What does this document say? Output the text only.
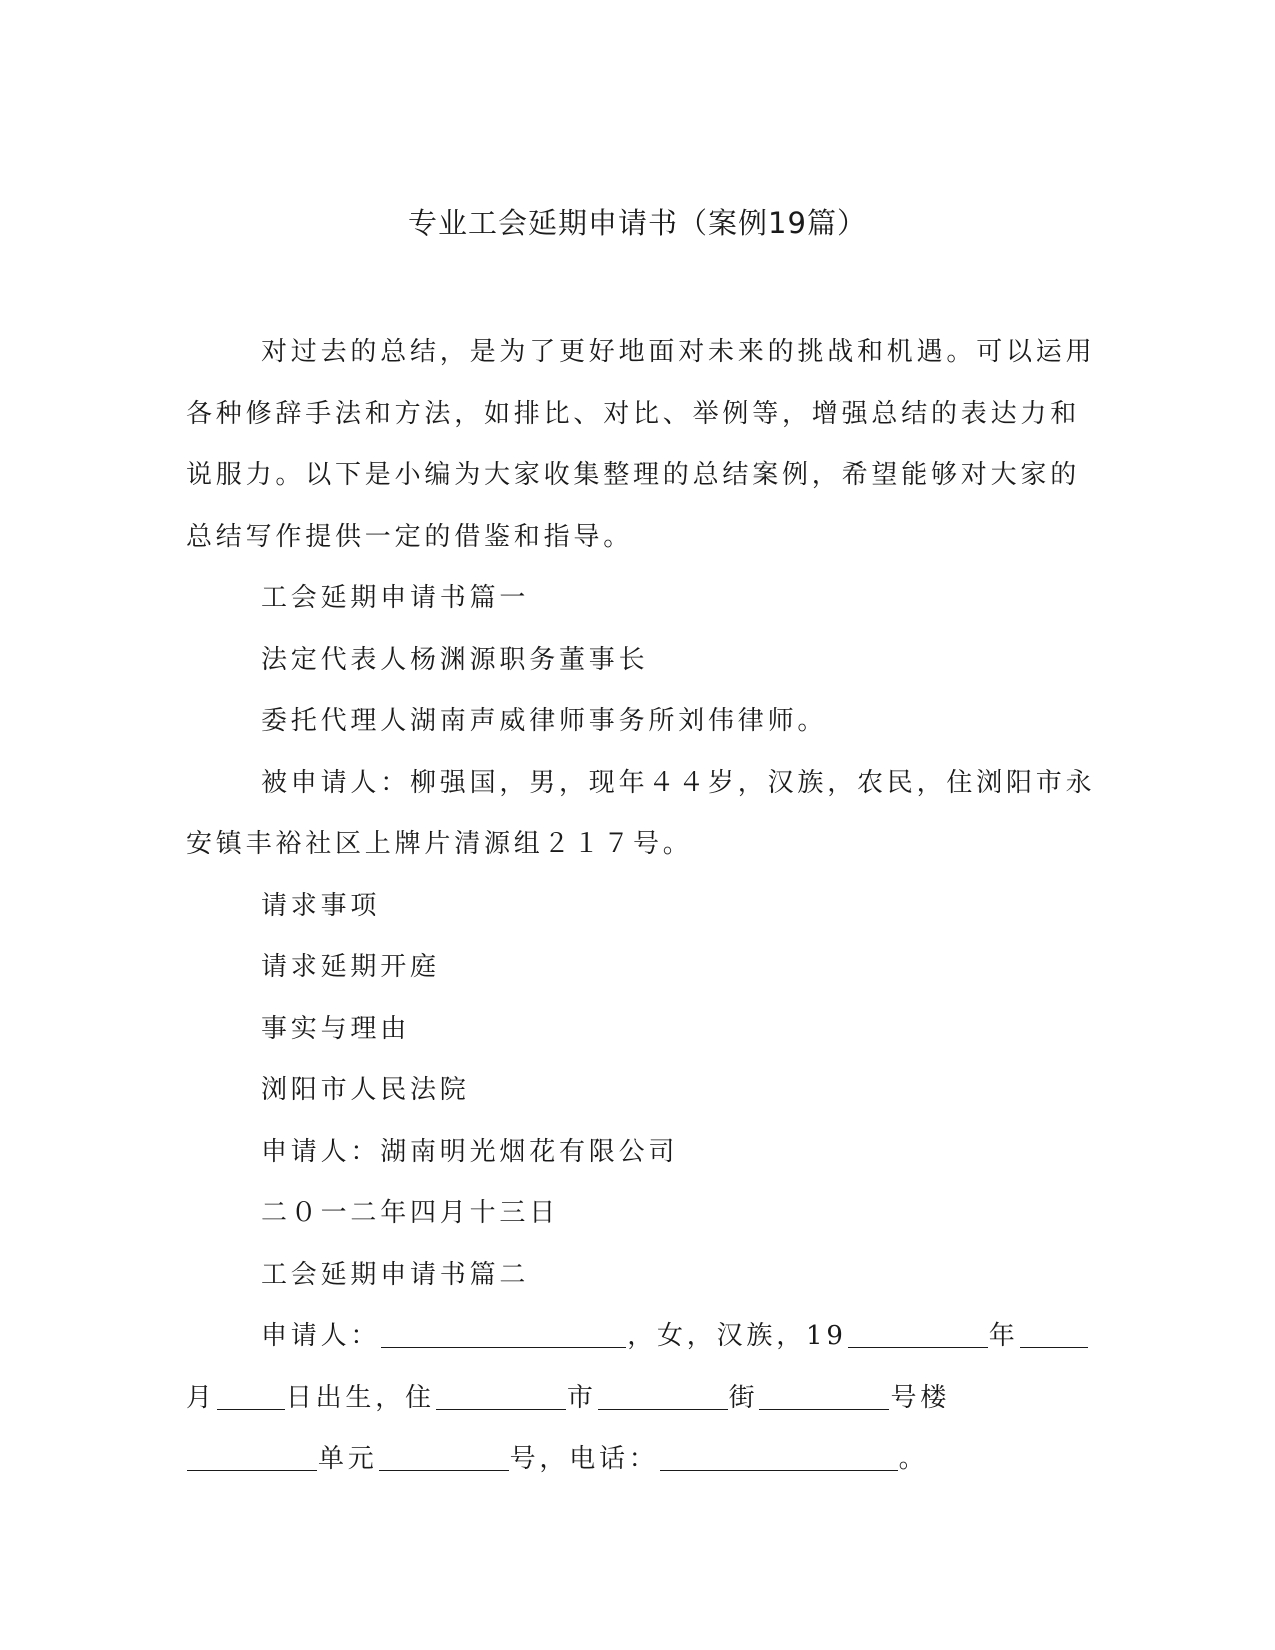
专业工会延期申请书（案例19篇）
对过去的总结，是为了更好地面对未来的挑战和机遇。可以运用
各种修辞手法和方法，如排比、对比、举例等，增强总结的表达力和
说服力。以下是小编为大家收集整理的总结案例，希望能够对大家的
总结写作提供一定的借鉴和指导。
工会延期申请书篇一
法定代表人杨渊源职务董事长
委托代理人湖南声威律师事务所刘伟律师。
被申请人：柳强国，男，现年４４岁，汉族，农民，住浏阳市永
安镇丰裕社区上牌片清源组２１７号。
请求事项
请求延期开庭
事实与理由
浏阳市人民法院
申请人：湖南明光烟花有限公司
二０一二年四月十三日
工会延期申请书篇二
申请人：	，女，汉族，19	年
月	日出生，住	市	街	号楼
单元	号，电话：	。
